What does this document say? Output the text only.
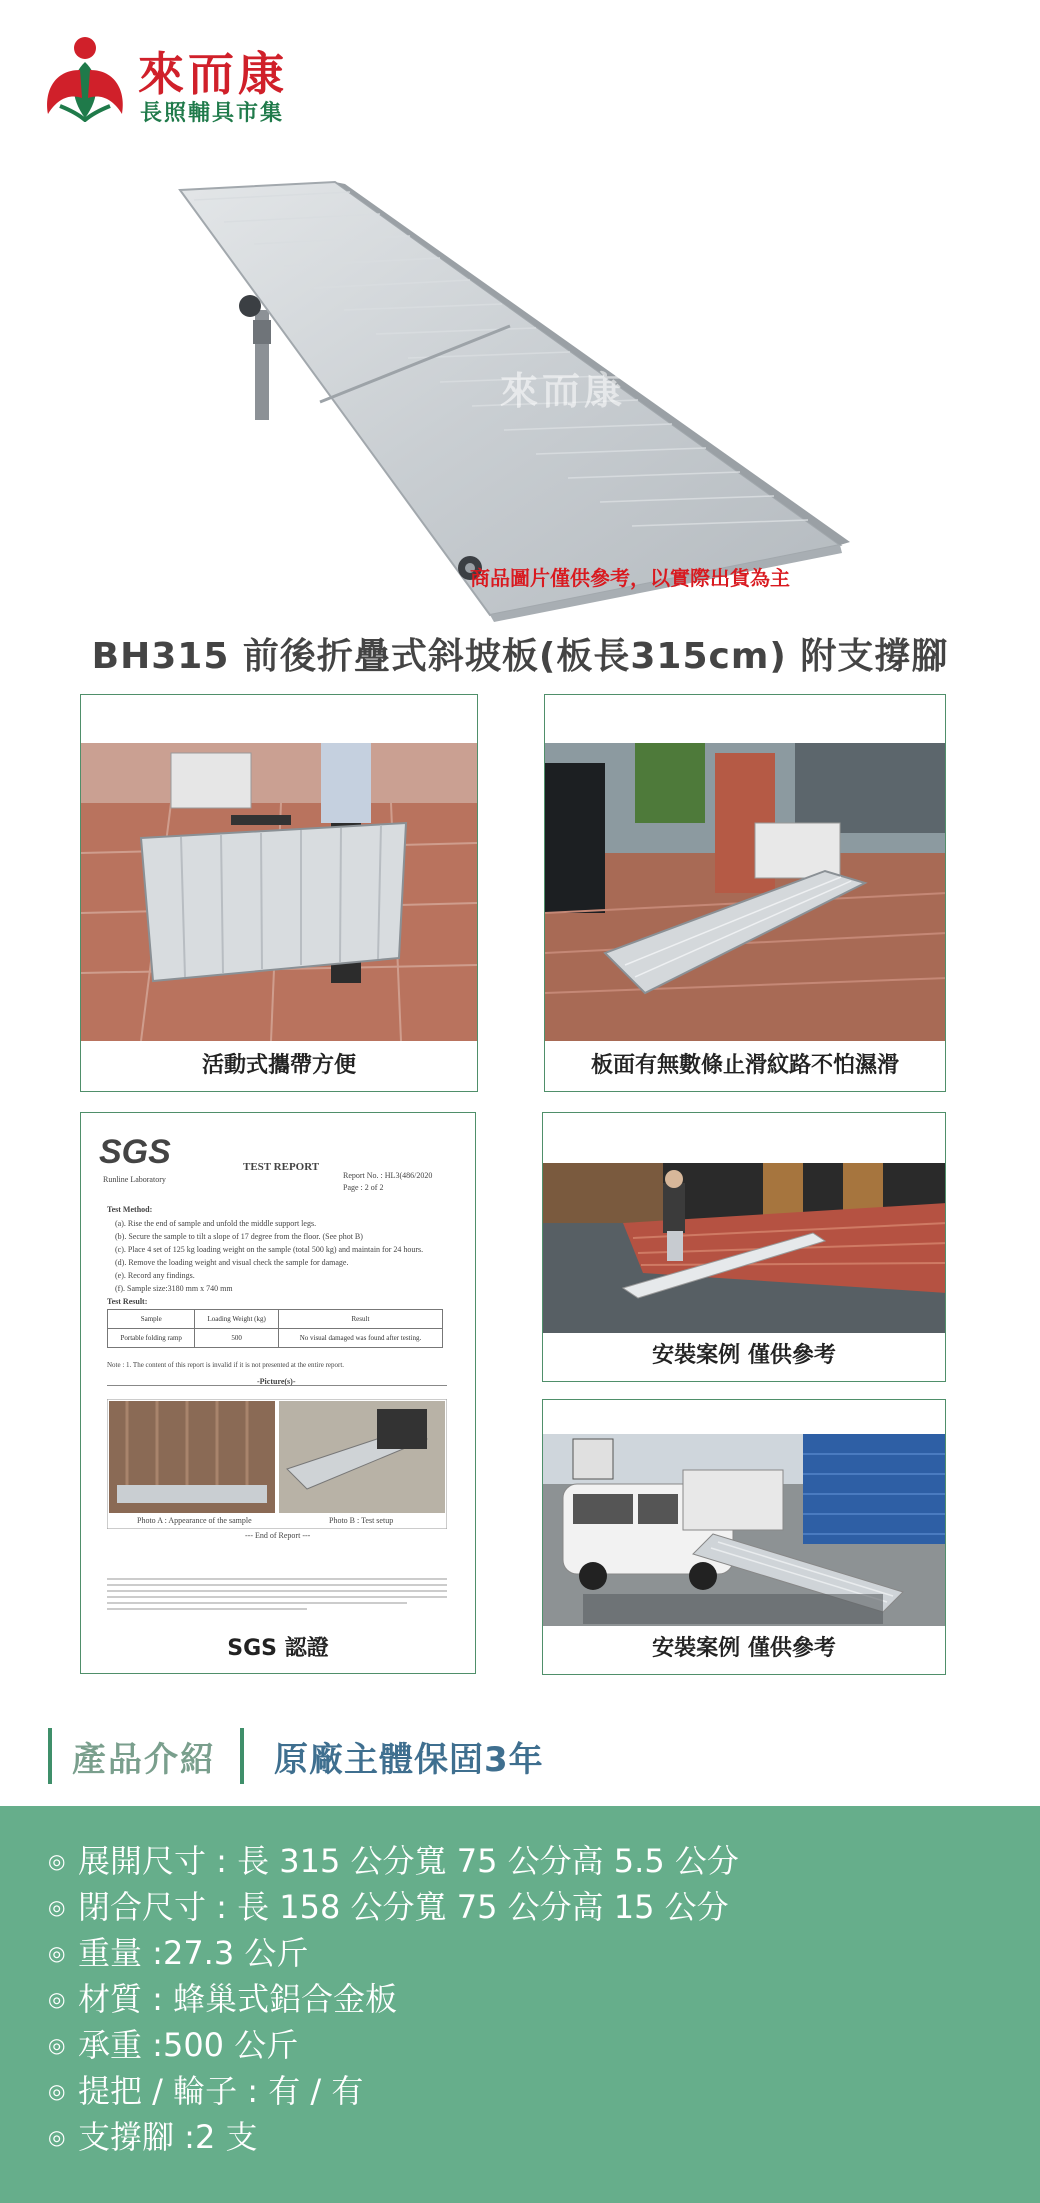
來而康
長照輔具市集
來而康
商品圖片僅供參考，以實際出貨為主
BH315 前後折疊式斜坡板(板長315cm) 附支撐腳
活動式攜帶方便	板面有無數條止滑紋路不怕濕滑
SGS
Runline Laboratory
TEST REPORT
Report No. : HL3(486/2020
Page : 2 of 2
Test Method:
(a). Rise the end of sample and unfold the middle support legs.
(b). Secure the sample to tilt a slope of 17 degree from the floor. (See phot B)
(c). Place 4 set of 125 kg loading weight on the sample (total 500 kg) and maintain for 24 hours.
(d). Remove the loading weight and visual check the sample for damage.
(e). Record any findings.
(f). Sample size:3180 mm x 740 mm
Test Result:
Sample	Loading Weight (kg)	Result
Portable folding ramp	500	No visual damaged was found after testing.
Note : 1. The content of this report is invalid if it is not presented at the entire report.
-Picture(s)-
Photo A : Appearance of the sample	Photo B : Test setup
--- End of Report ---
SGS 認證
安裝案例 僅供參考
安裝案例 僅供參考
產品介紹 原廠主體保固3年
◎ 展開尺寸 : 長 315 公分寬 75 公分高 5.5 公分
◎ 閉合尺寸 : 長 158 公分寬 75 公分高 15 公分
◎ 重量 :27.3 公斤
◎ 材質 : 蜂巢式鋁合金板
◎ 承重 :500 公斤
◎ 提把 / 輪子 : 有 / 有
◎ 支撐腳 :2 支
